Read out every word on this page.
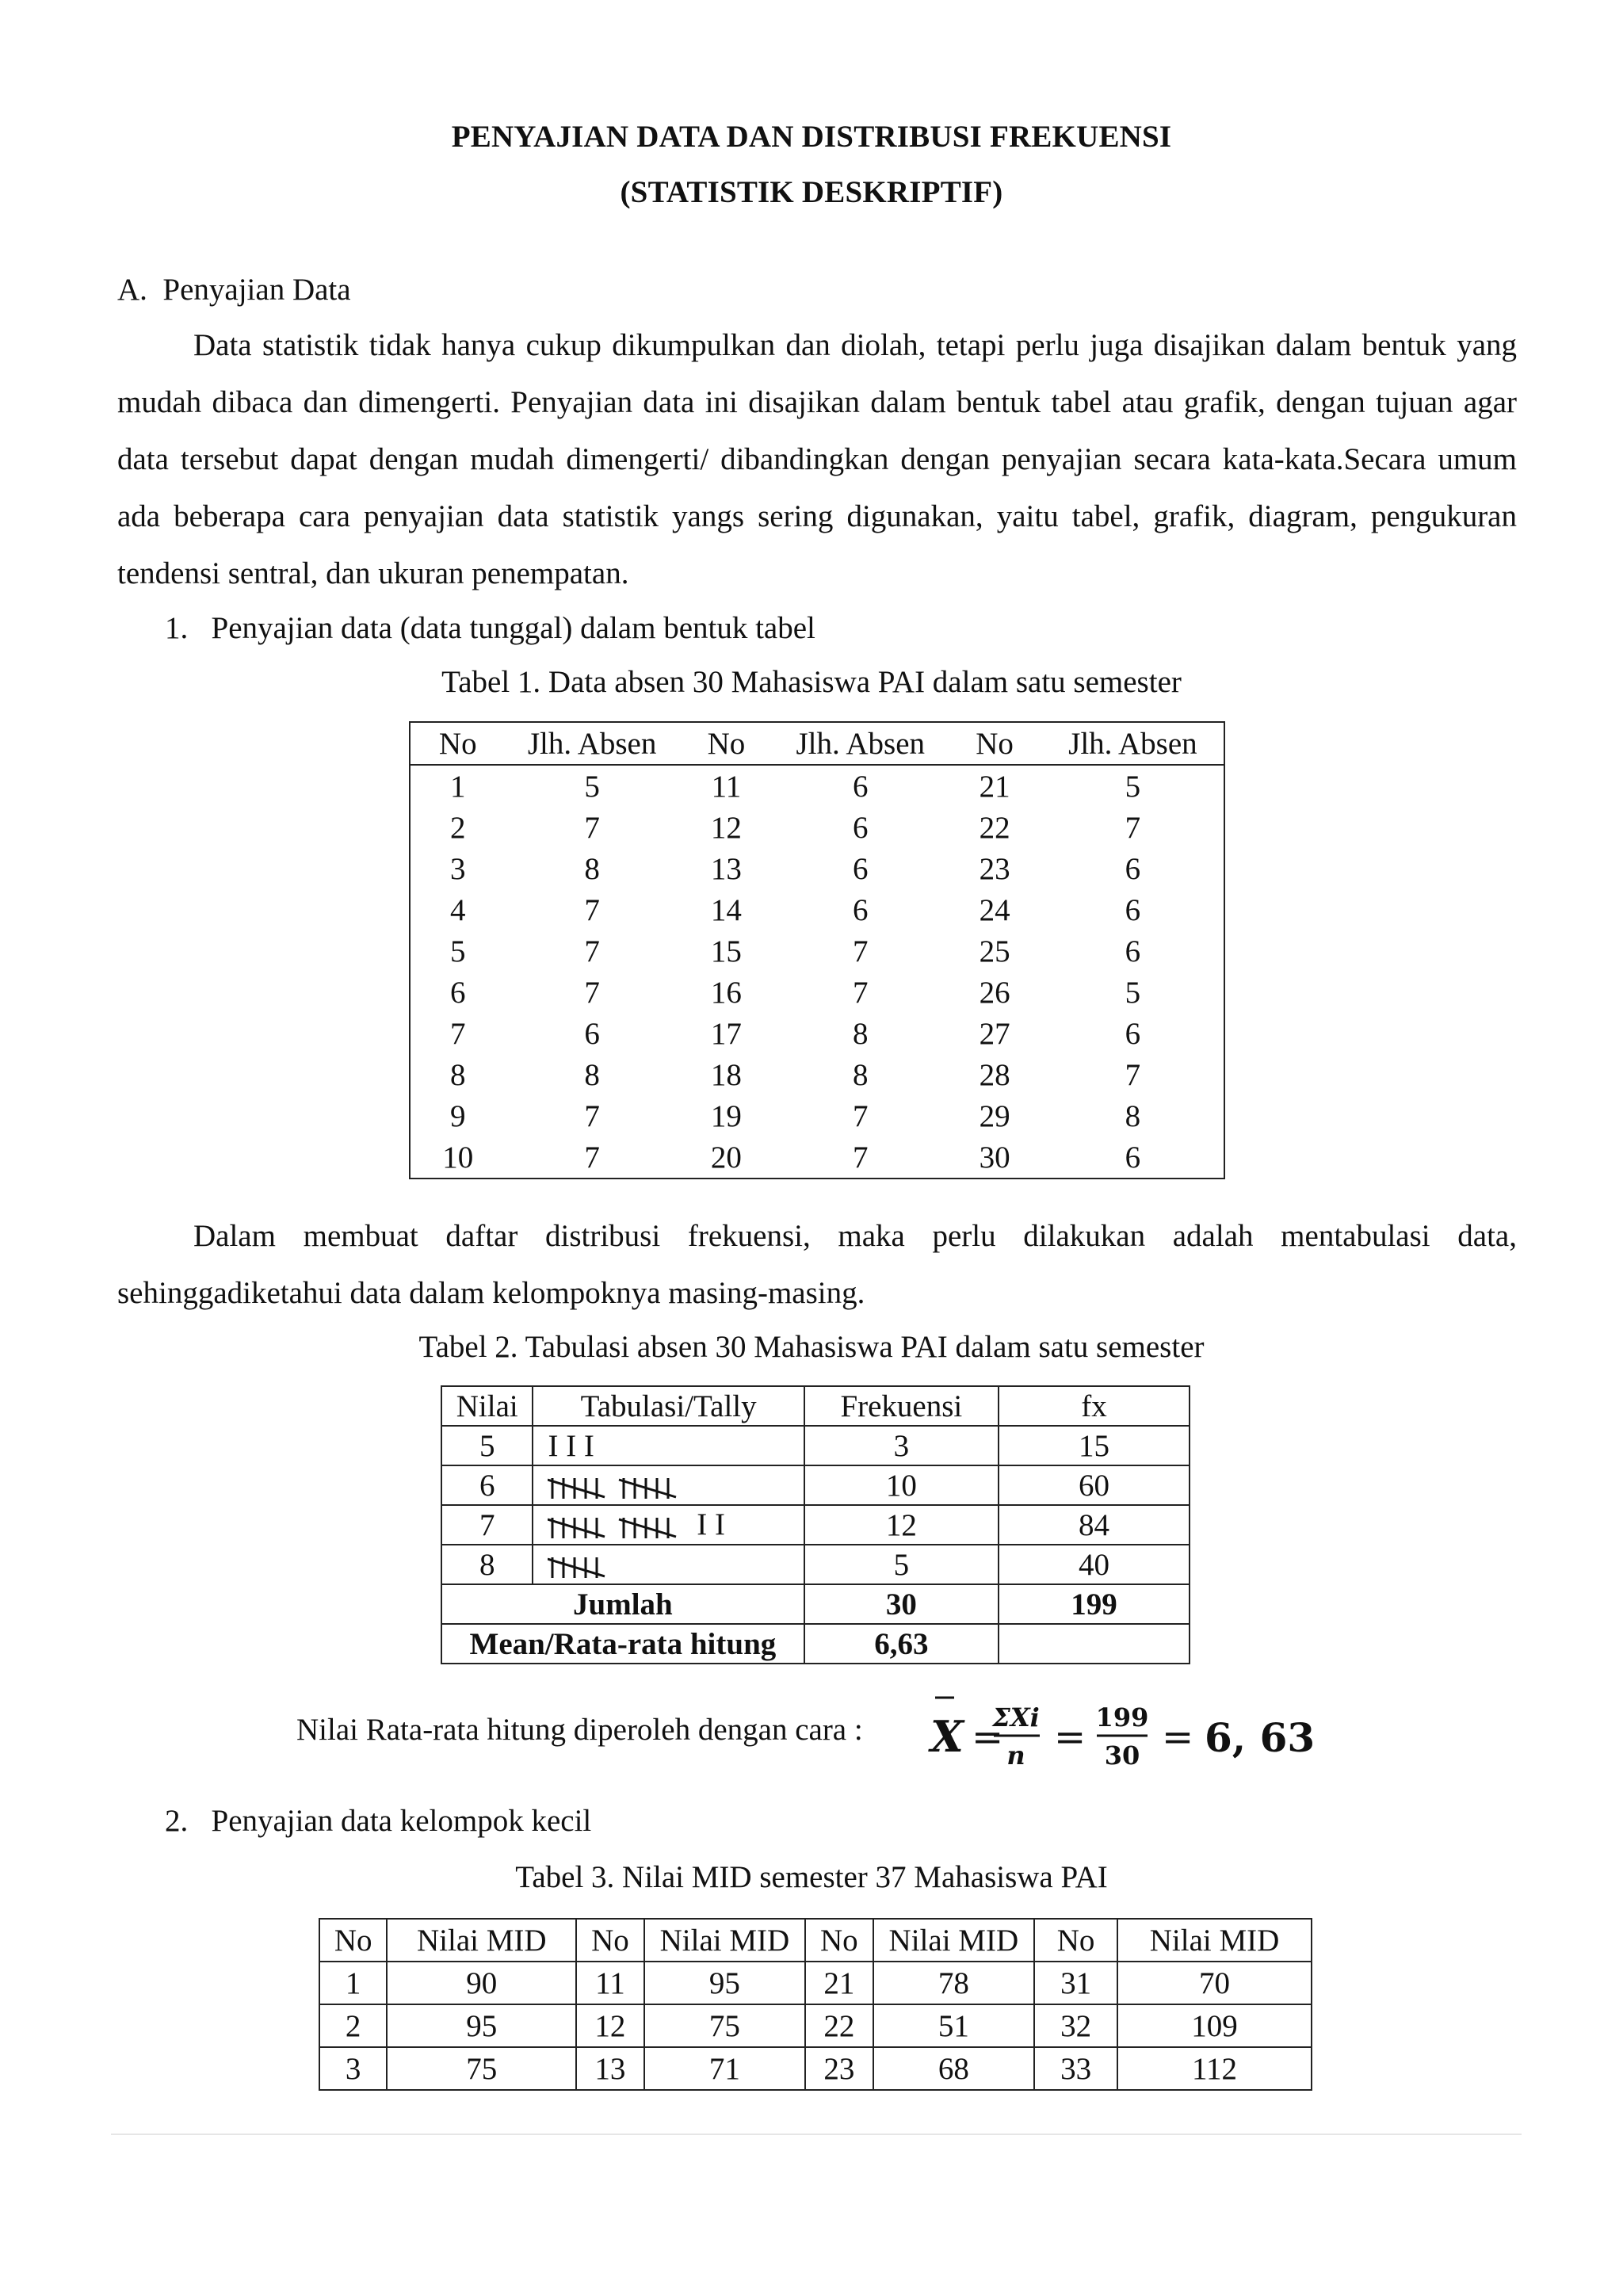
PENYAJIAN DATA DAN DISTRIBUSI FREKUENSI
(STATISTIK DESKRIPTIF)
A.  Penyajian Data
Data statistik tidak hanya cukup dikumpulkan dan diolah, tetapi perlu juga disajikan dalam bentuk yang mudah dibaca dan dimengerti. Penyajian data ini disajikan dalam bentuk tabel atau grafik, dengan tujuan agar data tersebut dapat dengan mudah dimengerti/ dibandingkan dengan penyajian secara kata-kata.Secara umum ada beberapa cara penyajian data statistik yangs sering digunakan, yaitu tabel, grafik, diagram, pengukuran tendensi sentral, dan ukuran penempatan.
1.   Penyajian data (data tunggal) dalam bentuk tabel
Tabel 1. Data absen 30 Mahasiswa PAI dalam satu semester
No	Jlh. Absen	No	Jlh. Absen	No	Jlh. Absen
1	5	11	6	21	5
2	7	12	6	22	7
3	8	13	6	23	6
4	7	14	6	24	6
5	7	15	7	25	6
6	7	16	7	26	5
7	6	17	8	27	6
8	8	18	8	28	7
9	7	19	7	29	8
10	7	20	7	30	6
Dalam membuat daftar distribusi frekuensi, maka perlu dilakukan adalah mentabulasi data, sehinggadiketahui data dalam kelompoknya masing-masing.
Tabel 2. Tabulasi absen 30 Mahasiswa PAI dalam satu semester
Nilai	Tabulasi/Tally	Frekuensi	fx
5	I I I	3	15
6		10	60
7	I I	12	84
8		5	40
Jumlah		30	199
Mean/Rata-rata hitung		6,63	
Nilai Rata-rata hitung diperoleh dengan cara : X =
ΣXi
n = 199
30 = 6, 63
2.   Penyajian data kelompok kecil
Tabel 3. Nilai MID semester 37 Mahasiswa PAI
No	Nilai MID	No	Nilai MID	No	Nilai MID	No	Nilai MID
1	90	11	95	21	78	31	70
2	95	12	75	22	51	32	109
3	75	13	71	23	68	33	112
